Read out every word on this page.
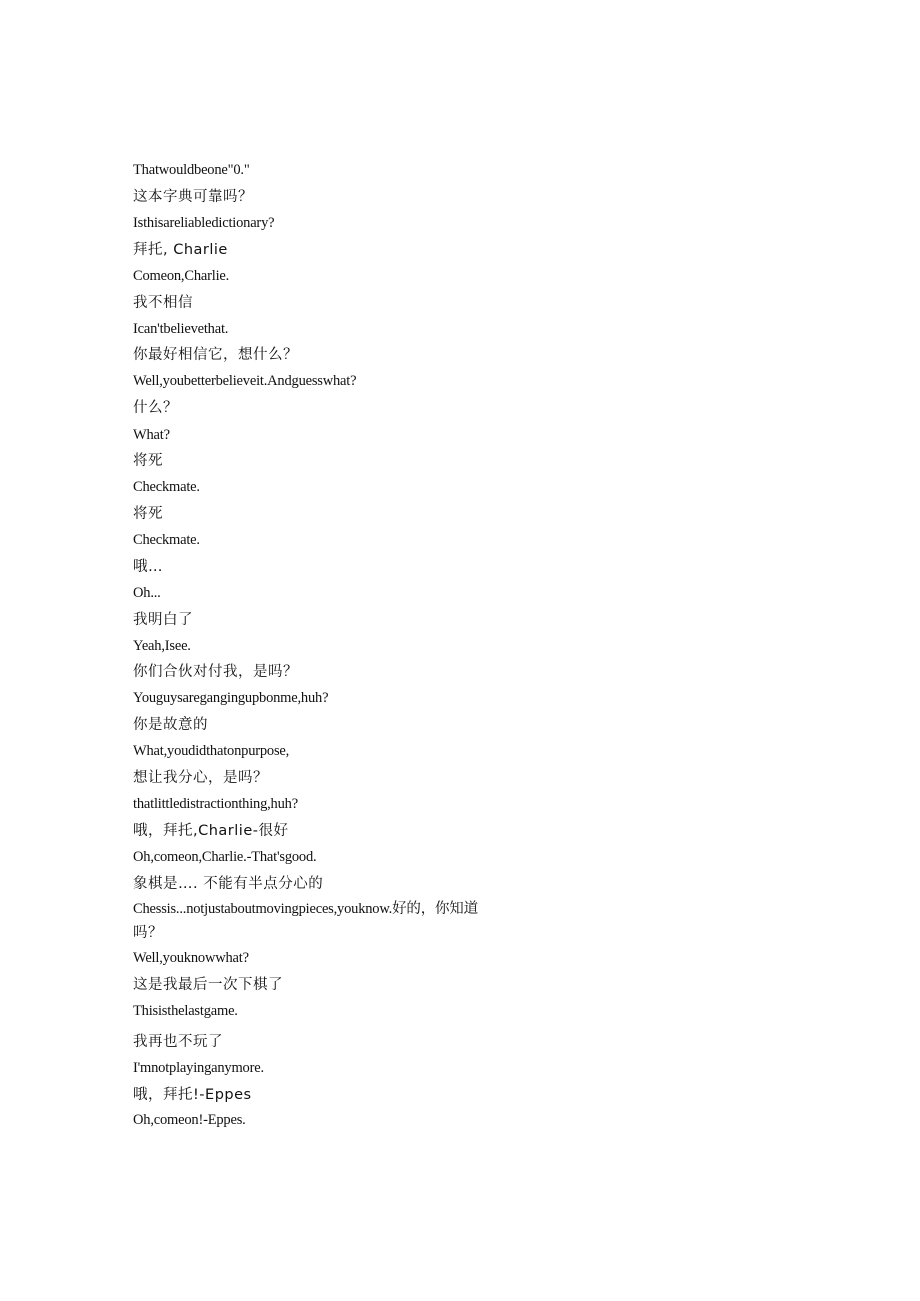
Thatwouldbeone"0."

这本字典可靠吗？

Isthisareliabledictionary?

拜托, Charlie

Comeon,Charlie.

我不相信

Ican'tbelievethat.

你最好相信它，想什么？

Well,youbetterbelieveit.Andguesswhat?

什么？

What?

将死

Checkmate.

将死

Checkmate.

哦…

Oh...

我明白了

Yeah,Isee.

你们合伙对付我，是吗？

Youguysaregangingupbonme,huh?

你是故意的

What,youdidthatonpurpose,

想让我分心，是吗？

thatlittledistractionthing,huh?

哦，拜托,Charlie-很好

Oh,comeon,Charlie.-That'sgood.

象棋是…. 不能有半点分心的

Chessis...notjustaboutmovingpieces,youknow.好的，你知道

吗？

Well,youknowwhat?

这是我最后一次下棋了

Thisisthelastgame.

我再也不玩了

I'mnotplayinganymore.

哦，拜托!-Eppes

Oh,comeon!-Eppes.
